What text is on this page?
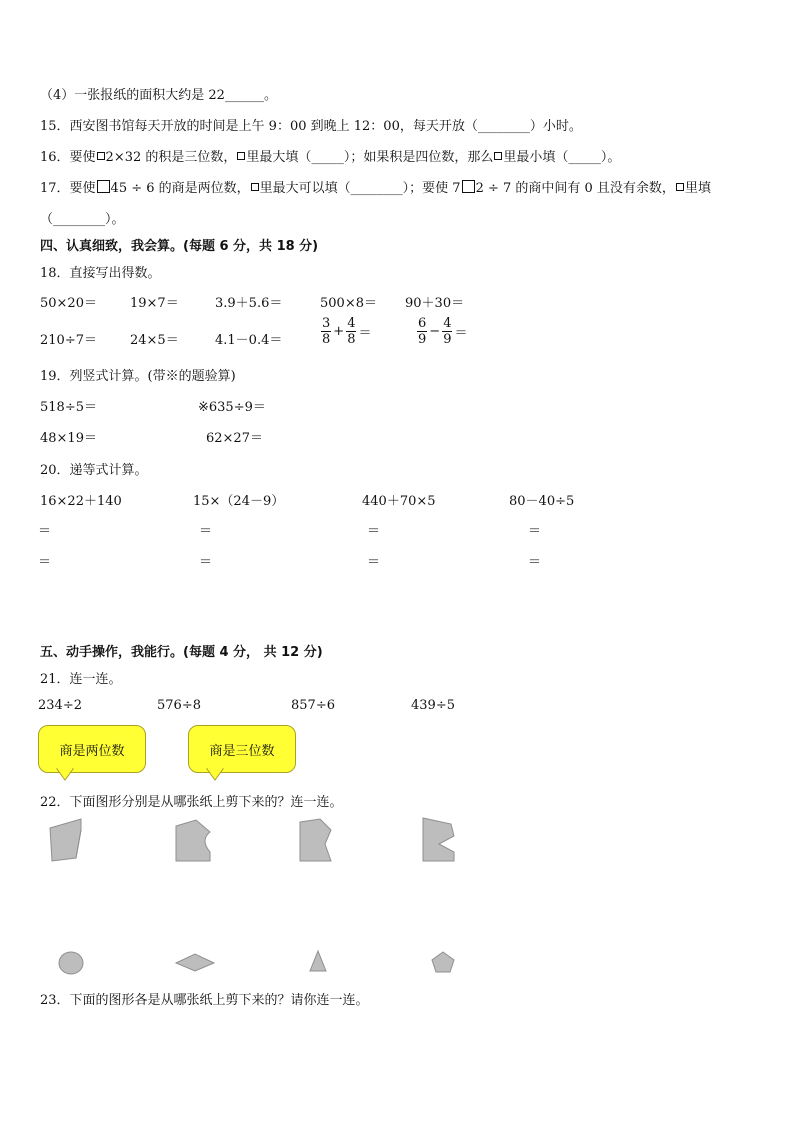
（4）一张报纸的面积大约是 22______。
15．西安图书馆每天开放的时间是上午 9：00 到晚上 12：00，每天开放（________）小时。
16．要使 2×32 的积是三位数， 里最大填（_____）；如果积是四位数，那么 里最小填（_____）。
17．要使 45 ÷ 6 的商是两位数， 里最大可以填（________）；要使 7 2 ÷ 7 的商中间有 0 且没有余数， 里填
（________）。
四、认真细致，我会算。(每题 6 分，共 18 分)
18．直接写出得数。
50×20＝	19×7＝	3.9＋5.6＝	500×8＝ 90＋30＝
210÷7＝	24×5＝	4.1－0.4＝	$\frac{3}{8} + \frac{4}{8}$ ＝	$\frac{6}{9} - \frac{4}{9}$ ＝
19．列竖式计算。(带※的题验算)
518÷5＝	※635÷9＝
48×19＝	62×27＝
20．递等式计算。
16×22＋140	15×（24－9）	440＋70×5	80－40÷5
＝	＝	＝	＝
＝	＝	＝	＝
五、动手操作，我能行。(每题 4 分， 共 12 分)
21．连一连。
234÷2	576÷8	857÷6	439÷5
商是两位数	商是三位数
22．下面图形分别是从哪张纸上剪下来的？连一连。
23．下面的图形各是从哪张纸上剪下来的？请你连一连。
